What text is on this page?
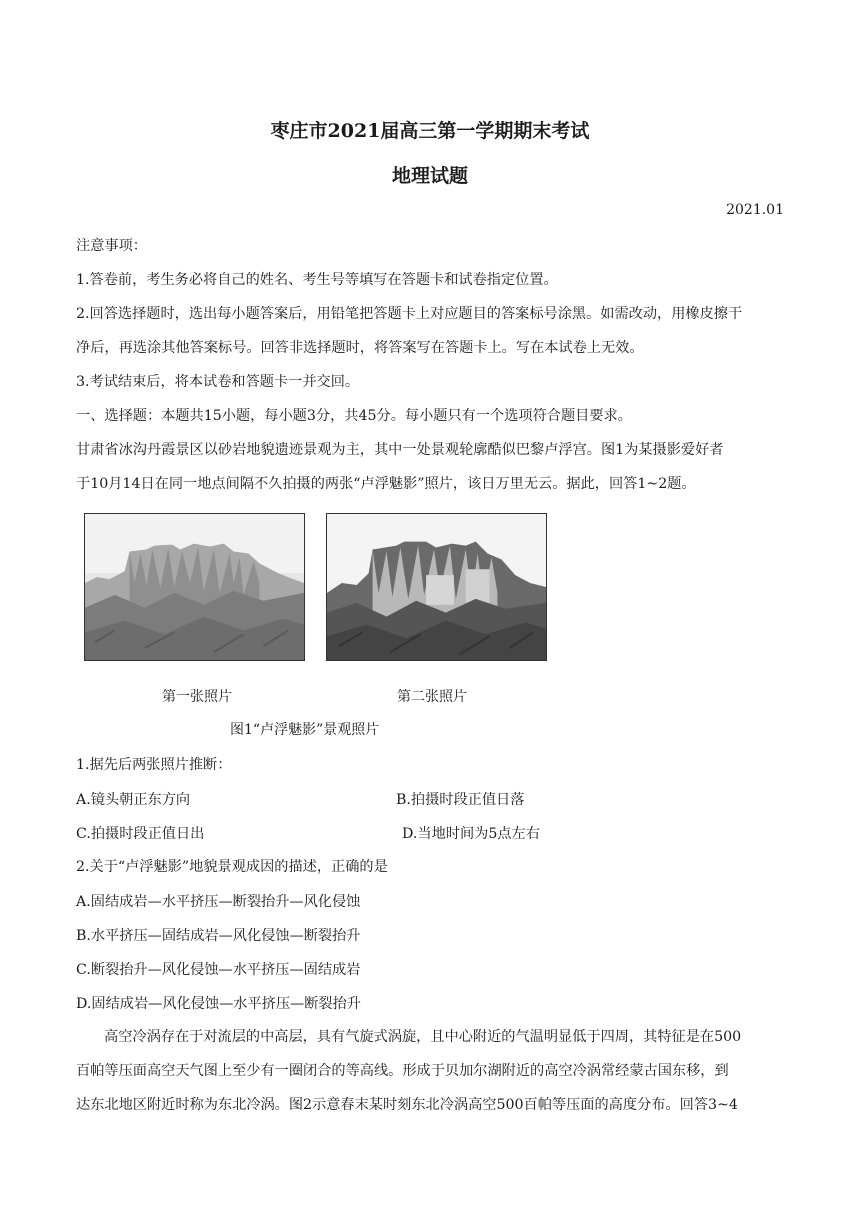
枣庄市2021届高三第一学期期末考试
地理试题
2021.01
注意事项：
1.答卷前，考生务必将自己的姓名、考生号等填写在答题卡和试卷指定位置。
2.回答选择题时，选出每小题答案后，用铅笔把答题卡上对应题目的答案标号涂黑。如需改动，用橡皮擦干
净后，再选涂其他答案标号。回答非选择题时，将答案写在答题卡上。写在本试卷上无效。
3.考试结束后，将本试卷和答题卡一并交回。
一、选择题：本题共15小题，每小题3分，共45分。每小题只有一个选项符合题目要求。
甘肃省冰沟丹霞景区以砂岩地貌遗迹景观为主，其中一处景观轮廓酷似巴黎卢浮宫。图1为某摄影爱好者
于10月14日在同一地点间隔不久拍摄的两张“卢浮魅影”照片，该日万里无云。据此，回答1~2题。
第一张照片	第二张照片
图1“卢浮魅影”景观照片
1.据先后两张照片推断：
A.镜头朝正东方向	B.拍摄时段正值日落
C.拍摄时段正值日出	D.当地时间为5点左右
2.关于“卢浮魅影”地貌景观成因的描述，正确的是
A.固结成岩—水平挤压—断裂抬升—风化侵蚀
B.水平挤压—固结成岩—风化侵蚀—断裂抬升
C.断裂抬升—风化侵蚀—水平挤压—固结成岩
D.固结成岩—风化侵蚀—水平挤压—断裂抬升
高空冷涡存在于对流层的中高层，具有气旋式涡旋，且中心附近的气温明显低于四周，其特征是在500
百帕等压面高空天气图上至少有一圈闭合的等高线。形成于贝加尔湖附近的高空冷涡常经蒙古国东移，到
达东北地区附近时称为东北冷涡。图2示意春末某时刻东北冷涡高空500百帕等压面的高度分布。回答3~4
